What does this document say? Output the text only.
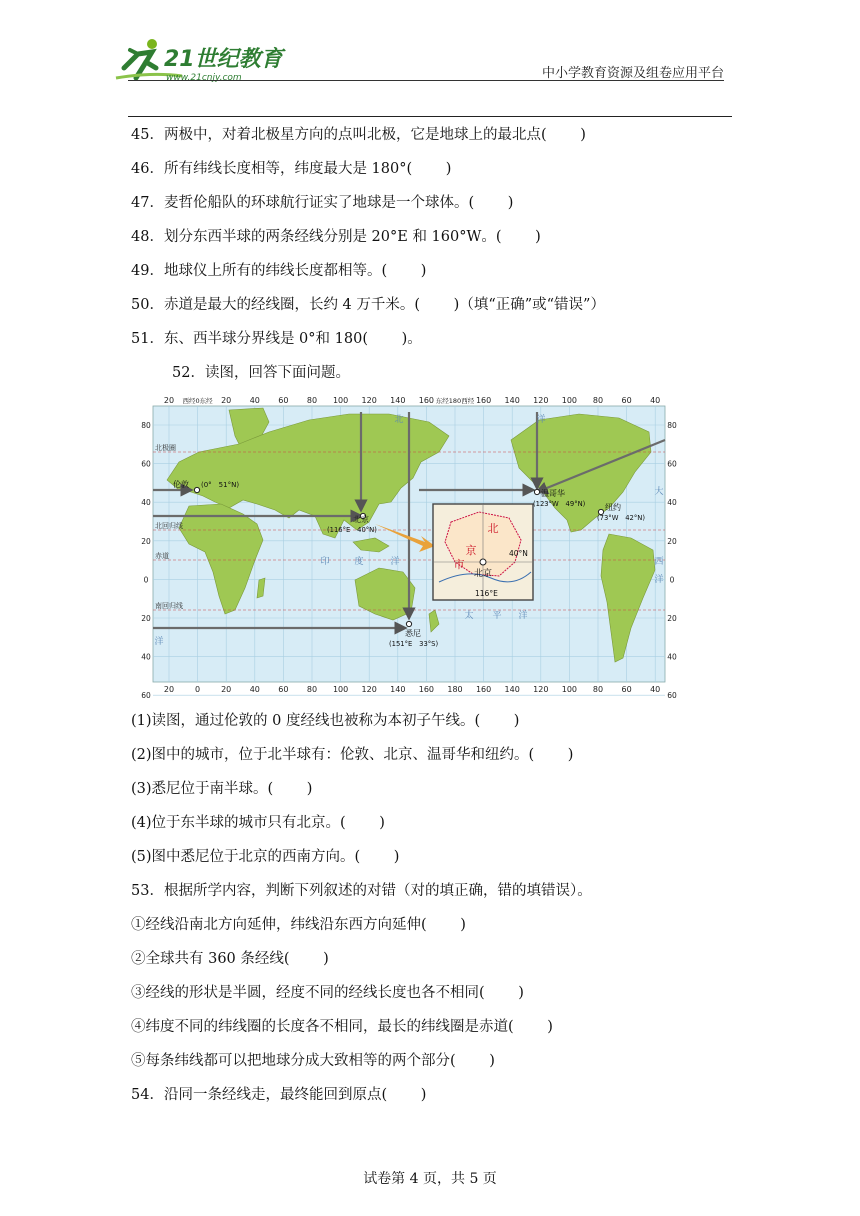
21世纪教育
www.21cnjy.com	中小学教育资源及组卷应用平台
45．两极中，对着北极星方向的点叫北极，它是地球上的最北点(　　 )
46．所有纬线长度相等，纬度最大是 180°(　　 )
47．麦哲伦船队的环球航行证实了地球是一个球体。(　　 )
48．划分东西半球的两条经线分别是 20°E 和 160°W。(　　 )
49．地球仪上所有的纬线长度都相等。(　　 )
50．赤道是最大的经线圈，长约 4 万千米。(　　 )（填“正确”或“错误”）
51．东、西半球分界线是 0°和 180(　　 )。
52．读图，回答下面问题。
20 西经0东经 20 40 60 80 100 120 140 160 东经180西经 160 140 120 100 80 60 40
20	0	20 40 60 80 100 120 140 160 180 160 140 120 100 80 60 40
80
60
40
20
0
20
40
60
80
60
40
20
0
20
40
60
北极圈
北回归线
赤道
南回归线
伦敦 (0°　51°N)
北京
(116°E　40°N)
温哥华
(123°W　49°N) 纽约
(73°W　42°N)
悉尼
(151°E　33°S)
北
京
市
北京
40°N
116°E
印	度	洋
太 平 洋
大
西
洋
洋
北	洋
(1)读图，通过伦敦的 0 度经线也被称为本初子午线。(　　 )
(2)图中的城市，位于北半球有：伦敦、北京、温哥华和纽约。(　　 )
(3)悉尼位于南半球。(　　 )
(4)位于东半球的城市只有北京。(　　 )
(5)图中悉尼位于北京的西南方向。(　　 )
53．根据所学内容，判断下列叙述的对错（对的填正确，错的填错误）。
①经线沿南北方向延伸，纬线沿东西方向延伸(　　 )
②全球共有 360 条经线(　　 )
③经线的形状是半圆，经度不同的经线长度也各不相同(　　 )
④纬度不同的纬线圈的长度各不相同，最长的纬线圈是赤道(　　 )
⑤每条纬线都可以把地球分成大致相等的两个部分(　　 )
54．沿同一条经线走，最终能回到原点(　　 )
试卷第 4 页，共 5 页
